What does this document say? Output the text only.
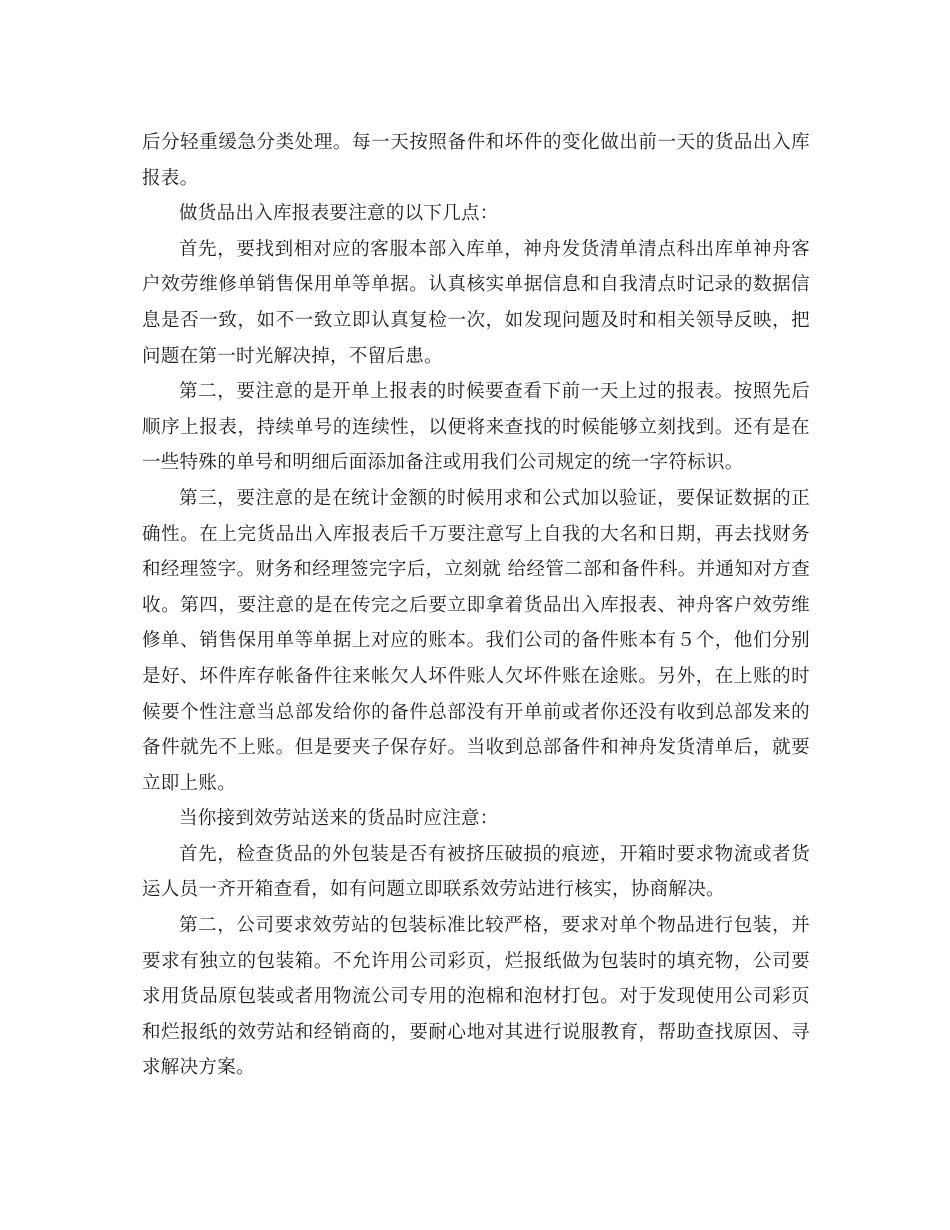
后分轻重缓急分类处理。每一天按照备件和坏件的变化做出前一天的货品出入库报表。

做货品出入库报表要注意的以下几点：

首先，要找到相对应的客服本部入库单，神舟发货清单清点科出库单神舟客户效劳维修单销售保用单等单据。认真核实单据信息和自我清点时记录的数据信息是否一致，如不一致立即认真复检一次，如发现问题及时和相关领导反映，把问题在第一时光解决掉，不留后患。

第二，要注意的是开单上报表的时候要查看下前一天上过的报表。按照先后顺序上报表，持续单号的连续性，以便将来查找的时候能够立刻找到。还有是在一些特殊的单号和明细后面添加备注或用我们公司规定的统一字符标识。

第三，要注意的是在统计金额的时候用求和公式加以验证，要保证数据的正确性。在上完货品出入库报表后千万要注意写上自我的大名和日期，再去找财务和经理签字。财务和经理签完字后，立刻就 给经管二部和备件科。并通知对方查收。第四，要注意的是在传完之后要立即拿着货品出入库报表、神舟客户效劳维修单、销售保用单等单据上对应的账本。我们公司的备件账本有５个，他们分别是好、坏件库存帐备件往来帐欠人坏件账人欠坏件账在途账。另外，在上账的时候要个性注意当总部发给你的备件总部没有开单前或者你还没有收到总部发来的备件就先不上账。但是要夹子保存好。当收到总部备件和神舟发货清单后，就要立即上账。

当你接到效劳站送来的货品时应注意：

首先，检查货品的外包装是否有被挤压破损的痕迹，开箱时要求物流或者货运人员一齐开箱查看，如有问题立即联系效劳站进行核实，协商解决。

第二，公司要求效劳站的包装标准比较严格，要求对单个物品进行包装，并要求有独立的包装箱。不允许用公司彩页，烂报纸做为包装时的填充物，公司要求用货品原包装或者用物流公司专用的泡棉和泡材打包。对于发现使用公司彩页和烂报纸的效劳站和经销商的，要耐心地对其进行说服教育，帮助查找原因、寻求解决方案。
